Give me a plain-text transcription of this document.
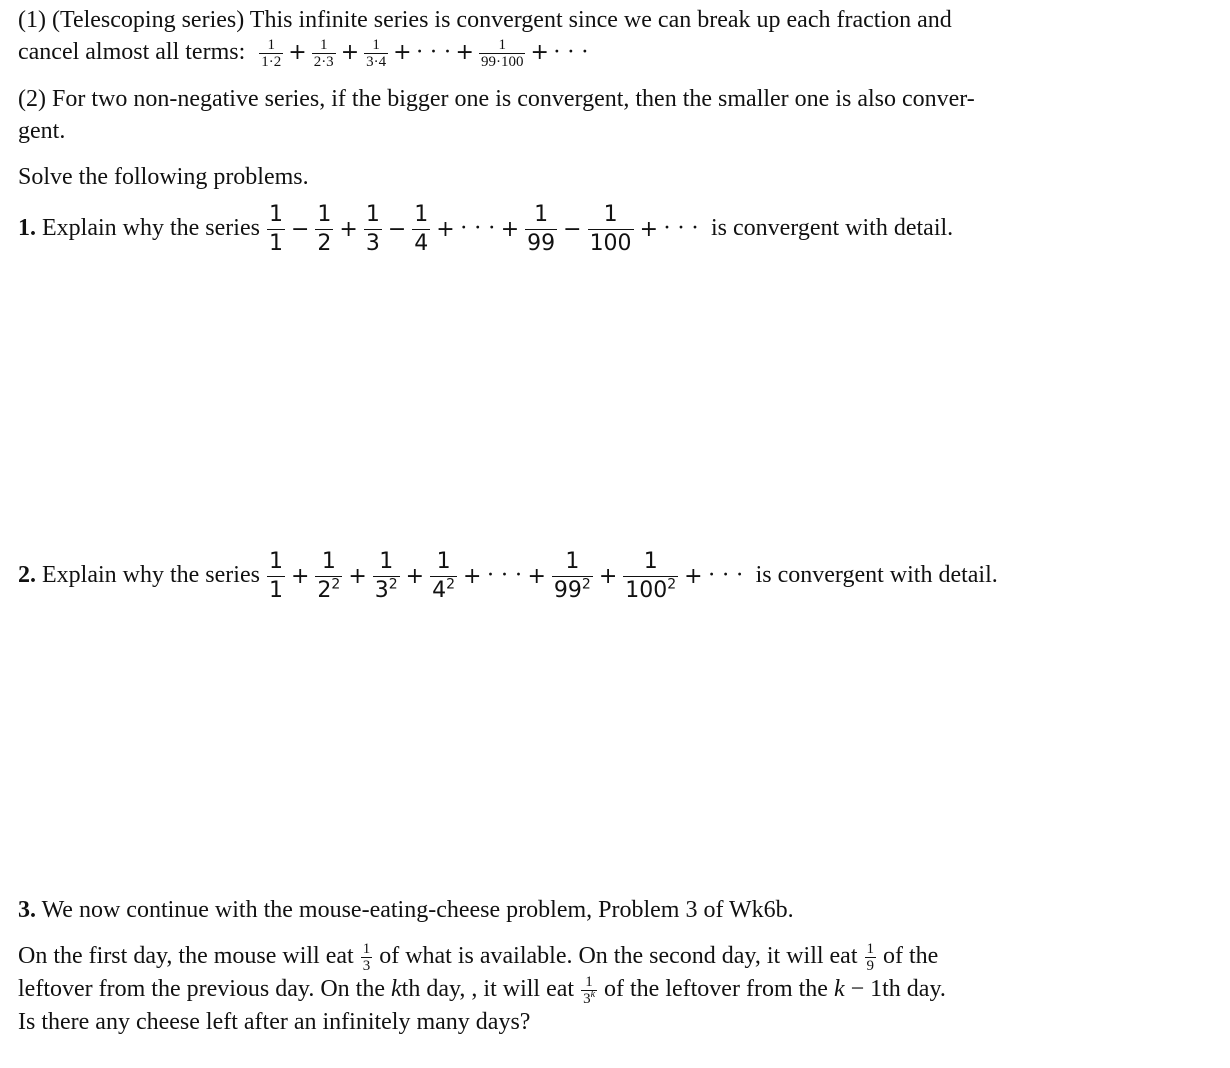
(1) (Telescoping series) This infinite series is convergent since we can break up each fraction and
cancel almost all terms: $\frac{1}{1\cdot 2} + \frac{1}{2\cdot 3} + \frac{1}{3\cdot 4}$ + · · · + $\frac{1}{99\cdot 100}$ + · · ·
(2) For two non-negative series, if the bigger one is convergent, then the smaller one is also conver-
gent.
Solve the following problems.
1. Explain why the series $\frac{1}{1} - \frac{1}{2} + \frac{1}{3} - \frac{1}{4}$ + · · · + $\frac{1}{99} - \frac{1}{100}$ + · · · is convergent with detail.
2. Explain why the series $\frac{1}{1} + \frac{1}{2^2} + \frac{1}{3^2} + \frac{1}{4^2}$ + · · · + $\frac{1}{99^2} + \frac{1}{100^2}$ + · · · is convergent with detail.
3. We now continue with the mouse-eating-cheese problem, Problem 3 of Wk6b.
On the first day, the mouse will eat $\frac{1}{3}$ of what is available. On the second day, it will eat $\frac{1}{9}$ of the
leftover from the previous day. On the kth day, , it will eat $\frac{1}{3^k}$ of the leftover from the k − 1th day.
Is there any cheese left after an infinitely many days?
